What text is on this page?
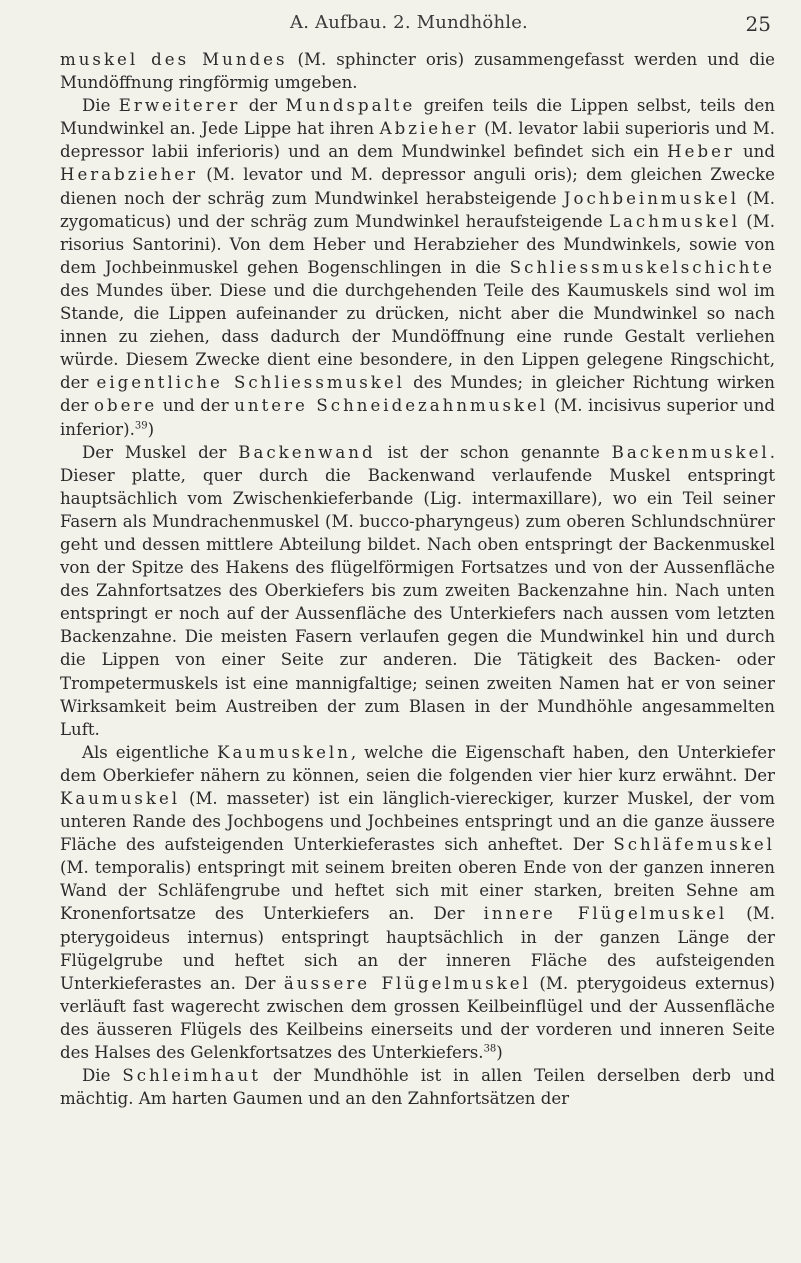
A. Aufbau. 2. Mundhöhle.	25

muskel des Mundes (M. sphincter oris) zusammengefasst werden und die Mundöffnung ringförmig umgeben.

Die Erweiterer der Mundspalte greifen teils die Lippen selbst, teils den Mundwinkel an. Jede Lippe hat ihren Abzieher (M. levator labii superioris und M. depressor labii inferioris) und an dem Mundwinkel befindet sich ein Heber und Herabzieher (M. levator und M. depressor anguli oris); dem gleichen Zwecke dienen noch der schräg zum Mundwinkel herabsteigende Jochbeinmuskel (M. zygomaticus) und der schräg zum Mundwinkel heraufsteigende Lachmuskel (M. risorius Santorini). Von dem Heber und Herabzieher des Mundwinkels, sowie von dem Jochbeinmuskel gehen Bogenschlingen in die Schliessmuskelschichte des Mundes über. Diese und die durchgehenden Teile des Kaumuskels sind wol im Stande, die Lippen aufeinander zu drücken, nicht aber die Mundwinkel so nach innen zu ziehen, dass dadurch der Mundöffnung eine runde Gestalt verliehen würde. Diesem Zwecke dient eine besondere, in den Lippen gelegene Ringschicht, der eigentliche Schliessmuskel des Mundes; in gleicher Richtung wirken der obere und der untere Schneidezahnmuskel (M. incisivus superior und inferior).$^{39}$)

Der Muskel der Backenwand ist der schon genannte Backenmuskel. Dieser platte, quer durch die Backenwand verlaufende Muskel entspringt hauptsächlich vom Zwischenkieferbande (Lig. intermaxillare), wo ein Teil seiner Fasern als Mundrachenmuskel (M. bucco-pharyngeus) zum oberen Schlundschnürer geht und dessen mittlere Abteilung bildet. Nach oben entspringt der Backenmuskel von der Spitze des Hakens des flügelförmigen Fortsatzes und von der Aussenfläche des Zahnfortsatzes des Oberkiefers bis zum zweiten Backenzahne hin. Nach unten entspringt er noch auf der Aussenfläche des Unterkiefers nach aussen vom letzten Backenzahne. Die meisten Fasern verlaufen gegen die Mundwinkel hin und durch die Lippen von einer Seite zur anderen. Die Tätigkeit des Backen- oder Trompetermuskels ist eine mannigfaltige; seinen zweiten Namen hat er von seiner Wirksamkeit beim Austreiben der zum Blasen in der Mundhöhle angesammelten Luft.

Als eigentliche Kaumuskeln, welche die Eigenschaft haben, den Unterkiefer dem Oberkiefer nähern zu können, seien die folgenden vier hier kurz erwähnt. Der Kaumuskel (M. masseter) ist ein länglich-viereckiger, kurzer Muskel, der vom unteren Rande des Jochbogens und Jochbeines entspringt und an die ganze äussere Fläche des aufsteigenden Unterkieferastes sich anheftet. Der Schläfemuskel (M. temporalis) entspringt mit seinem breiten oberen Ende von der ganzen inneren Wand der Schläfengrube und heftet sich mit einer starken, breiten Sehne am Kronenfortsatze des Unterkiefers an. Der innere Flügelmuskel (M. pterygoideus internus) entspringt hauptsächlich in der ganzen Länge der Flügelgrube und heftet sich an der inneren Fläche des aufsteigenden Unterkieferastes an. Der äussere Flügelmuskel (M. pterygoideus externus) verläuft fast wagerecht zwischen dem grossen Keilbeinflügel und der Aussenfläche des äusseren Flügels des Keilbeins einerseits und der vorderen und inneren Seite des Halses des Gelenkfortsatzes des Unterkiefers.$^{38}$)

Die Schleimhaut der Mundhöhle ist in allen Teilen derselben derb und mächtig. Am harten Gaumen und an den Zahnfortsätzen der
